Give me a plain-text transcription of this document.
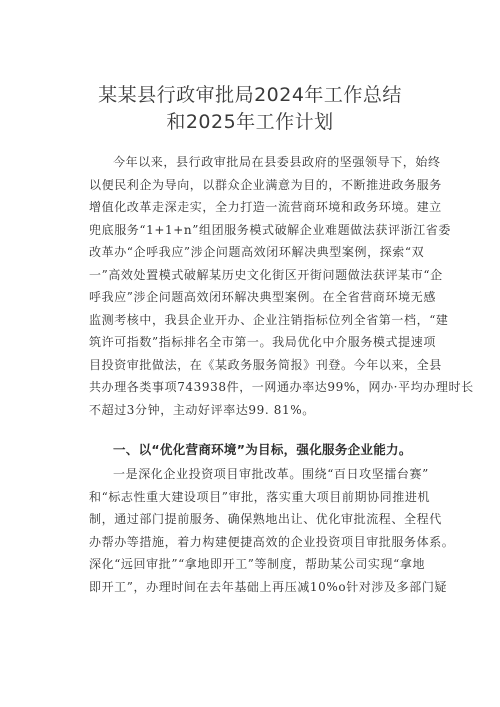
某某县行政审批局2024年工作总结
和2025年工作计划
今年以来，县行政审批局在县委县政府的坚强领导下，始终
以便民利企为导向，以群众企业满意为目的，不断推进政务服务
增值化改革走深走实，全力打造一流营商环境和政务环境。建立
兜底服务“1+1+n”组团服务模式破解企业难题做法获评浙江省委
改革办“企呼我应”涉企问题高效闭环解决典型案例，探索“双
一”高效处置模式破解某历史文化街区开街问题做法获评某市“企
呼我应”涉企问题高效闭环解决典型案例。在全省营商环境无感
监测考核中，我县企业开办、企业注销指标位列全省第一档，“建
筑许可指数”指标排名全市第一。我局优化中介服务模式提速项
目投资审批做法，在《某政务服务简报》刊登。今年以来，全县
共办理各类事项743938件，一网通办率达99%，网办·平均办理时长
不超过3分钟，主动好评率达99. 81%。
一、以“优化营商环境”为目标，强化服务企业能力。
一是深化企业投资项目审批改革。围绕“百日攻坚擂台赛”
和“标志性重大建设项目”审批，落实重大项目前期协同推进机
制，通过部门提前服务、确保熟地出让、优化审批流程、全程代
办帮办等措施，着力构建便捷高效的企业投资项目审批服务体系。
深化“远回审批”“拿地即开工”等制度，帮助某公司实现“拿地
即开工”，办理时间在去年基础上再压减10%o针对涉及多部门疑
